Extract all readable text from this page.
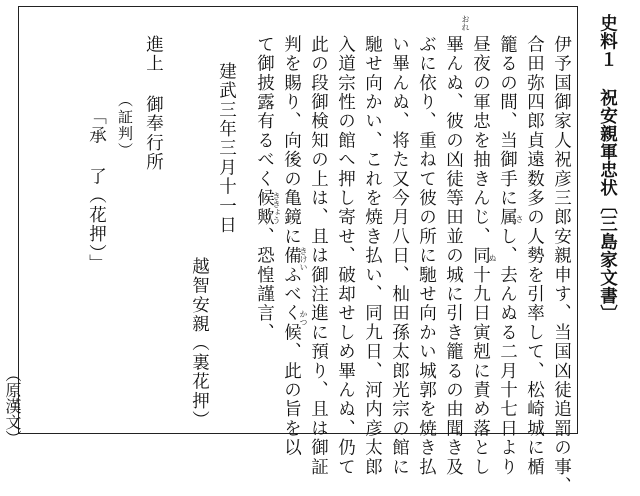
史料１ 祝安親軍忠状〔三島家文書〕
伊予国御家人祝彦三郎安親申す、当国凶徒追罰の事、
合田弥四郎貞遠数多の人勢を引率して、松崎城に楯
籠るの間、当御手に属し、去んぬる二月十七日より
昼夜の軍忠を抽きんじ、同十九日寅剋に責め落とし
畢んぬ、彼の凶徒等田並の城に引き籠るの由聞き及
ぶに依り、重ねて彼の所に馳せ向かい城郭を焼き払
い畢んぬ、将た又今月八日、杣田孫太郎光宗の館に
馳せ向かい、これを焼き払い、同九日、河内彦太郎
入道宗性の館へ押し寄せ、破却せしめ畢んぬ、仍て
此の段御検知の上は、且は御注進に預り、且は御証
判を賜り、向後の亀鏡に備ふべく候、此の旨を以
て御披露有るべく候歟、恐惶謹言、
建武三年三月十一日
越智安親（裏花押）
進上 御奉行所
（証判）
「承 了（花押）」
おれ
さ
ぬ
かつ
ききょう
きけい
（原漢文）
